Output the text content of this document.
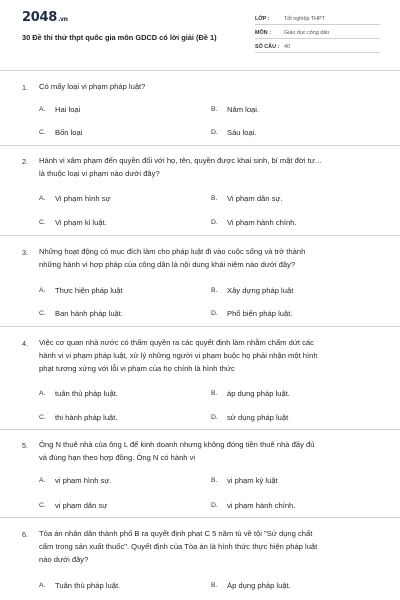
2048.vn
30 Đề thi thử thpt quốc gia môn GDCD có lời giải (Đề 1)
LỚP :	Tốt nghiệp THPT
MÔN :	Giáo dục công dân
SỐ CÂU : 40
1. Có mấy loại vi phạm pháp luật?
A.	Hai loại	B.	Năm loại.
C.	Bốn loại	D.	Sáu loại.
2. Hành vi xâm phạm đến quyền đối với họ, tên, quyền được khai sinh, bí mật đời tư...
là thuộc loại vi phạm nào dưới đây?
A.	Vi phạm hình sự	B.	Vi phạm dân sự.
C.	Vi phạm kỉ luật.	D.	Vi phạm hành chính.
3. Những hoạt động có mục đích làm cho pháp luật đi vào cuộc sống và trở thành
những hành vi hợp pháp của công dân là nội dung khái niệm nào dưới đây?
A.	Thực hiện pháp luật	B.	Xây dựng pháp luật
C.	Ban hành pháp luật.	D.	Phổ biến pháp luật.
4. Việc cơ quan nhà nước có thẩm quyền ra các quyết định làm nhằm chấm dứt các
hành vi vi phạm pháp luật, xử lý những người vi phạm buộc họ phải nhận một hình
phạt tương xứng với lỗi vi phạm của họ chính là hình thức
A.	tuân thủ pháp luật.	B.	áp dụng pháp luật.
C.	thi hành pháp luật.	D.	sử dụng pháp luật
5. Ông N thuê nhà của ông L để kinh doanh nhưng không đóng tiền thuê nhà đầy đủ
và đúng hạn theo hợp đồng. Ông N có hành vi
A.	vi phạm hình sự.	B.	vi phạm kỷ luật
C.	vi phạm dân sự	D.	vi phạm hành chính.
6. Tòa án nhân dân thành phố B ra quyết định phạt C 5 năm tù về tội "Sử dụng chất
cấm trong sản xuất thuốc". Quyết định của Tòa án là hình thức thực hiện pháp luật
nào dưới đây?
A.	Tuân thủ pháp luật.	B.	Áp dụng pháp luật.
